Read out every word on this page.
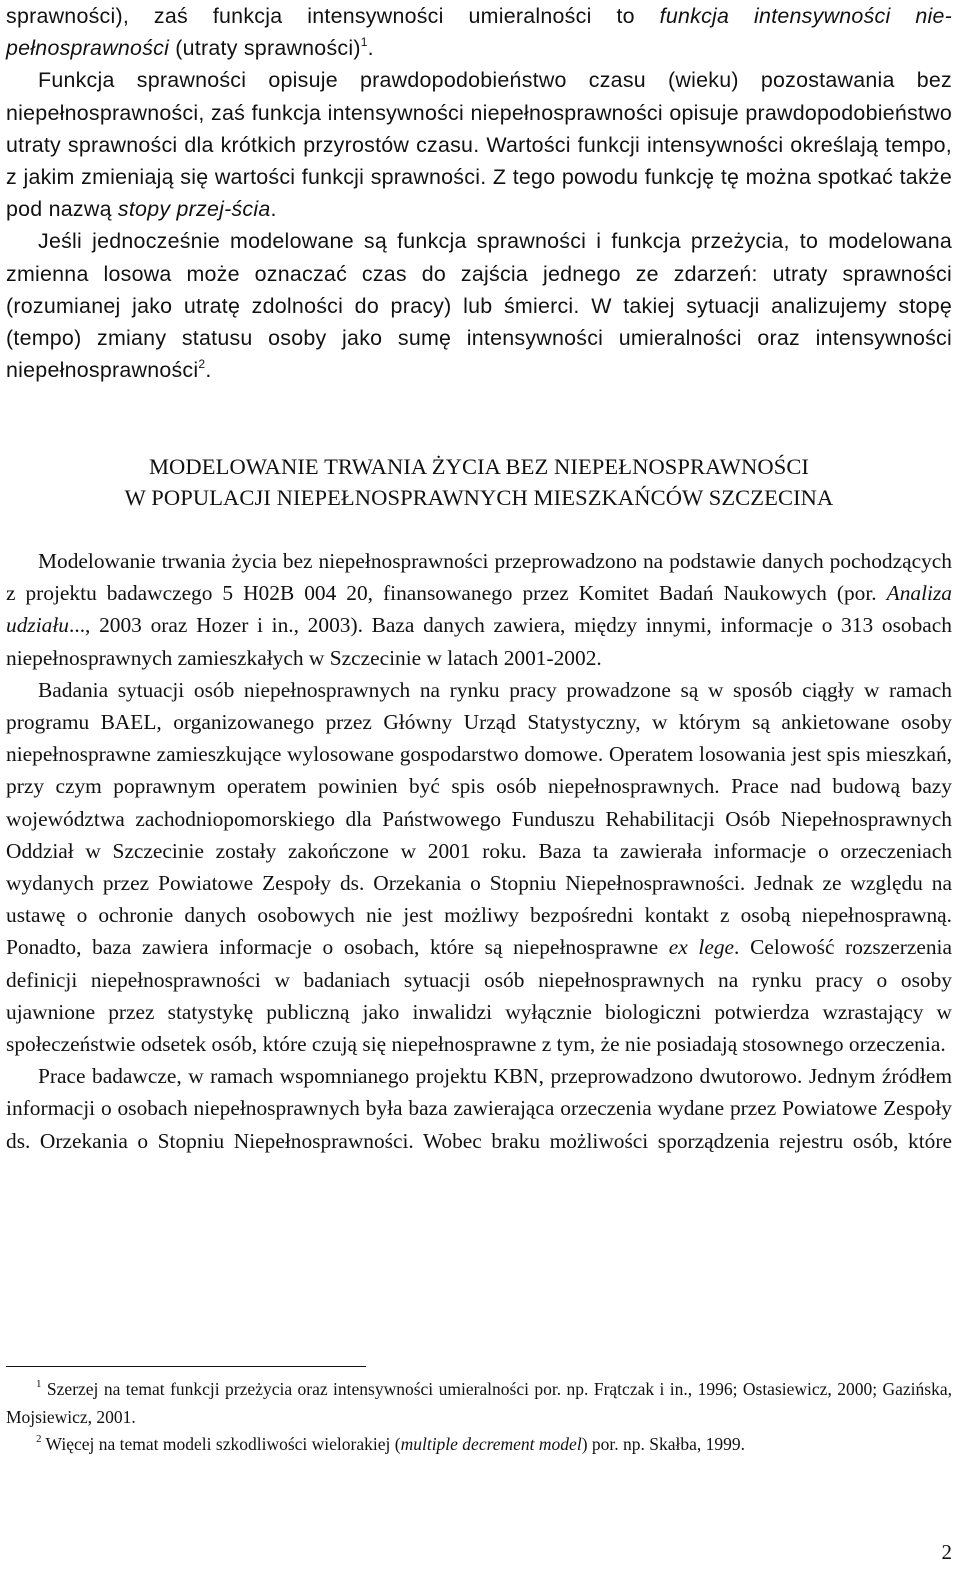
sprawności), zaś funkcja intensywności umieralności to funkcja intensywności nie-

pełnosprawności (utraty sprawności)$^1$.

Funkcja sprawności opisuje prawdopodobieństwo czasu (wieku) pozostawania bez niepełnosprawności, zaś funkcja intensywności niepełnosprawności opisuje prawdopodobieństwo utraty sprawności dla krótkich przyrostów czasu. Wartości funkcji intensywności określają tempo, z jakim zmieniają się wartości funkcji sprawności. Z tego powodu funkcję tę można spotkać także pod nazwą stopy przej-ścia.

Jeśli jednocześnie modelowane są funkcja sprawności i funkcja przeżycia, to modelowana zmienna losowa może oznaczać czas do zajścia jednego ze zdarzeń: utraty sprawności (rozumianej jako utratę zdolności do pracy) lub śmierci. W takiej sytuacji analizujemy stopę (tempo) zmiany statusu osoby jako sumę intensywności umieralności oraz intensywności niepełnosprawności$^2$.

MODELOWANIE TRWANIA ŻYCIA BEZ NIEPEŁNOSPRAWNOŚCI
W POPULACJI NIEPEŁNOSPRAWNYCH MIESZKAŃCÓW SZCZECINA

Modelowanie trwania życia bez niepełnosprawności przeprowadzono na podstawie danych pochodzących z projektu badawczego 5 H02B 004 20, finansowanego przez Komitet Badań Naukowych (por. Analiza udziału..., 2003 oraz Hozer i in., 2003). Baza danych zawiera, między innymi, informacje o 313 osobach niepełnosprawnych zamieszkałych w Szczecinie w latach 2001-2002.

Badania sytuacji osób niepełnosprawnych na rynku pracy prowadzone są w sposób ciągły w ramach programu BAEL, organizowanego przez Główny Urząd Statystyczny, w którym są ankietowane osoby niepełnosprawne zamieszkujące wylosowane gospodarstwo domowe. Operatem losowania jest spis mieszkań, przy czym poprawnym operatem powinien być spis osób niepełnosprawnych. Prace nad budową bazy województwa zachodniopomorskiego dla Państwowego Funduszu Rehabilitacji Osób Niepełnosprawnych Oddział w Szczecinie zostały zakończone w 2001 roku. Baza ta zawierała informacje o orzeczeniach wydanych przez Powiatowe Zespoły ds. Orzekania o Stopniu Niepełnosprawności. Jednak ze względu na ustawę o ochronie danych osobowych nie jest możliwy bezpośredni kontakt z osobą niepełnosprawną. Ponadto, baza zawiera informacje o osobach, które są niepełnosprawne ex lege. Celowość rozszerzenia definicji niepełnosprawności w badaniach sytuacji osób niepełnosprawnych na rynku pracy o osoby ujawnione przez statystykę publiczną jako inwalidzi wyłącznie biologiczni potwierdza wzrastający w społeczeństwie odsetek osób, które czują się niepełnosprawne z tym, że nie posiadają stosownego orzeczenia.

Prace badawcze, w ramach wspomnianego projektu KBN, przeprowadzono dwutorowo. Jednym źródłem informacji o osobach niepełnosprawnych była baza zawierająca orzeczenia wydane przez Powiatowe Zespoły ds. Orzekania o Stopniu Niepełnosprawności. Wobec braku możliwości sporządzenia rejestru osób, które

$^1$ Szerzej na temat funkcji przeżycia oraz intensywności umieralności por. np. Frątczak i in., 1996; Ostasiewicz, 2000; Gazińska, Mojsiewicz, 2001.

$^2$ Więcej na temat modeli szkodliwości wielorakiej (multiple decrement model) por. np. Skałba, 1999.

2
